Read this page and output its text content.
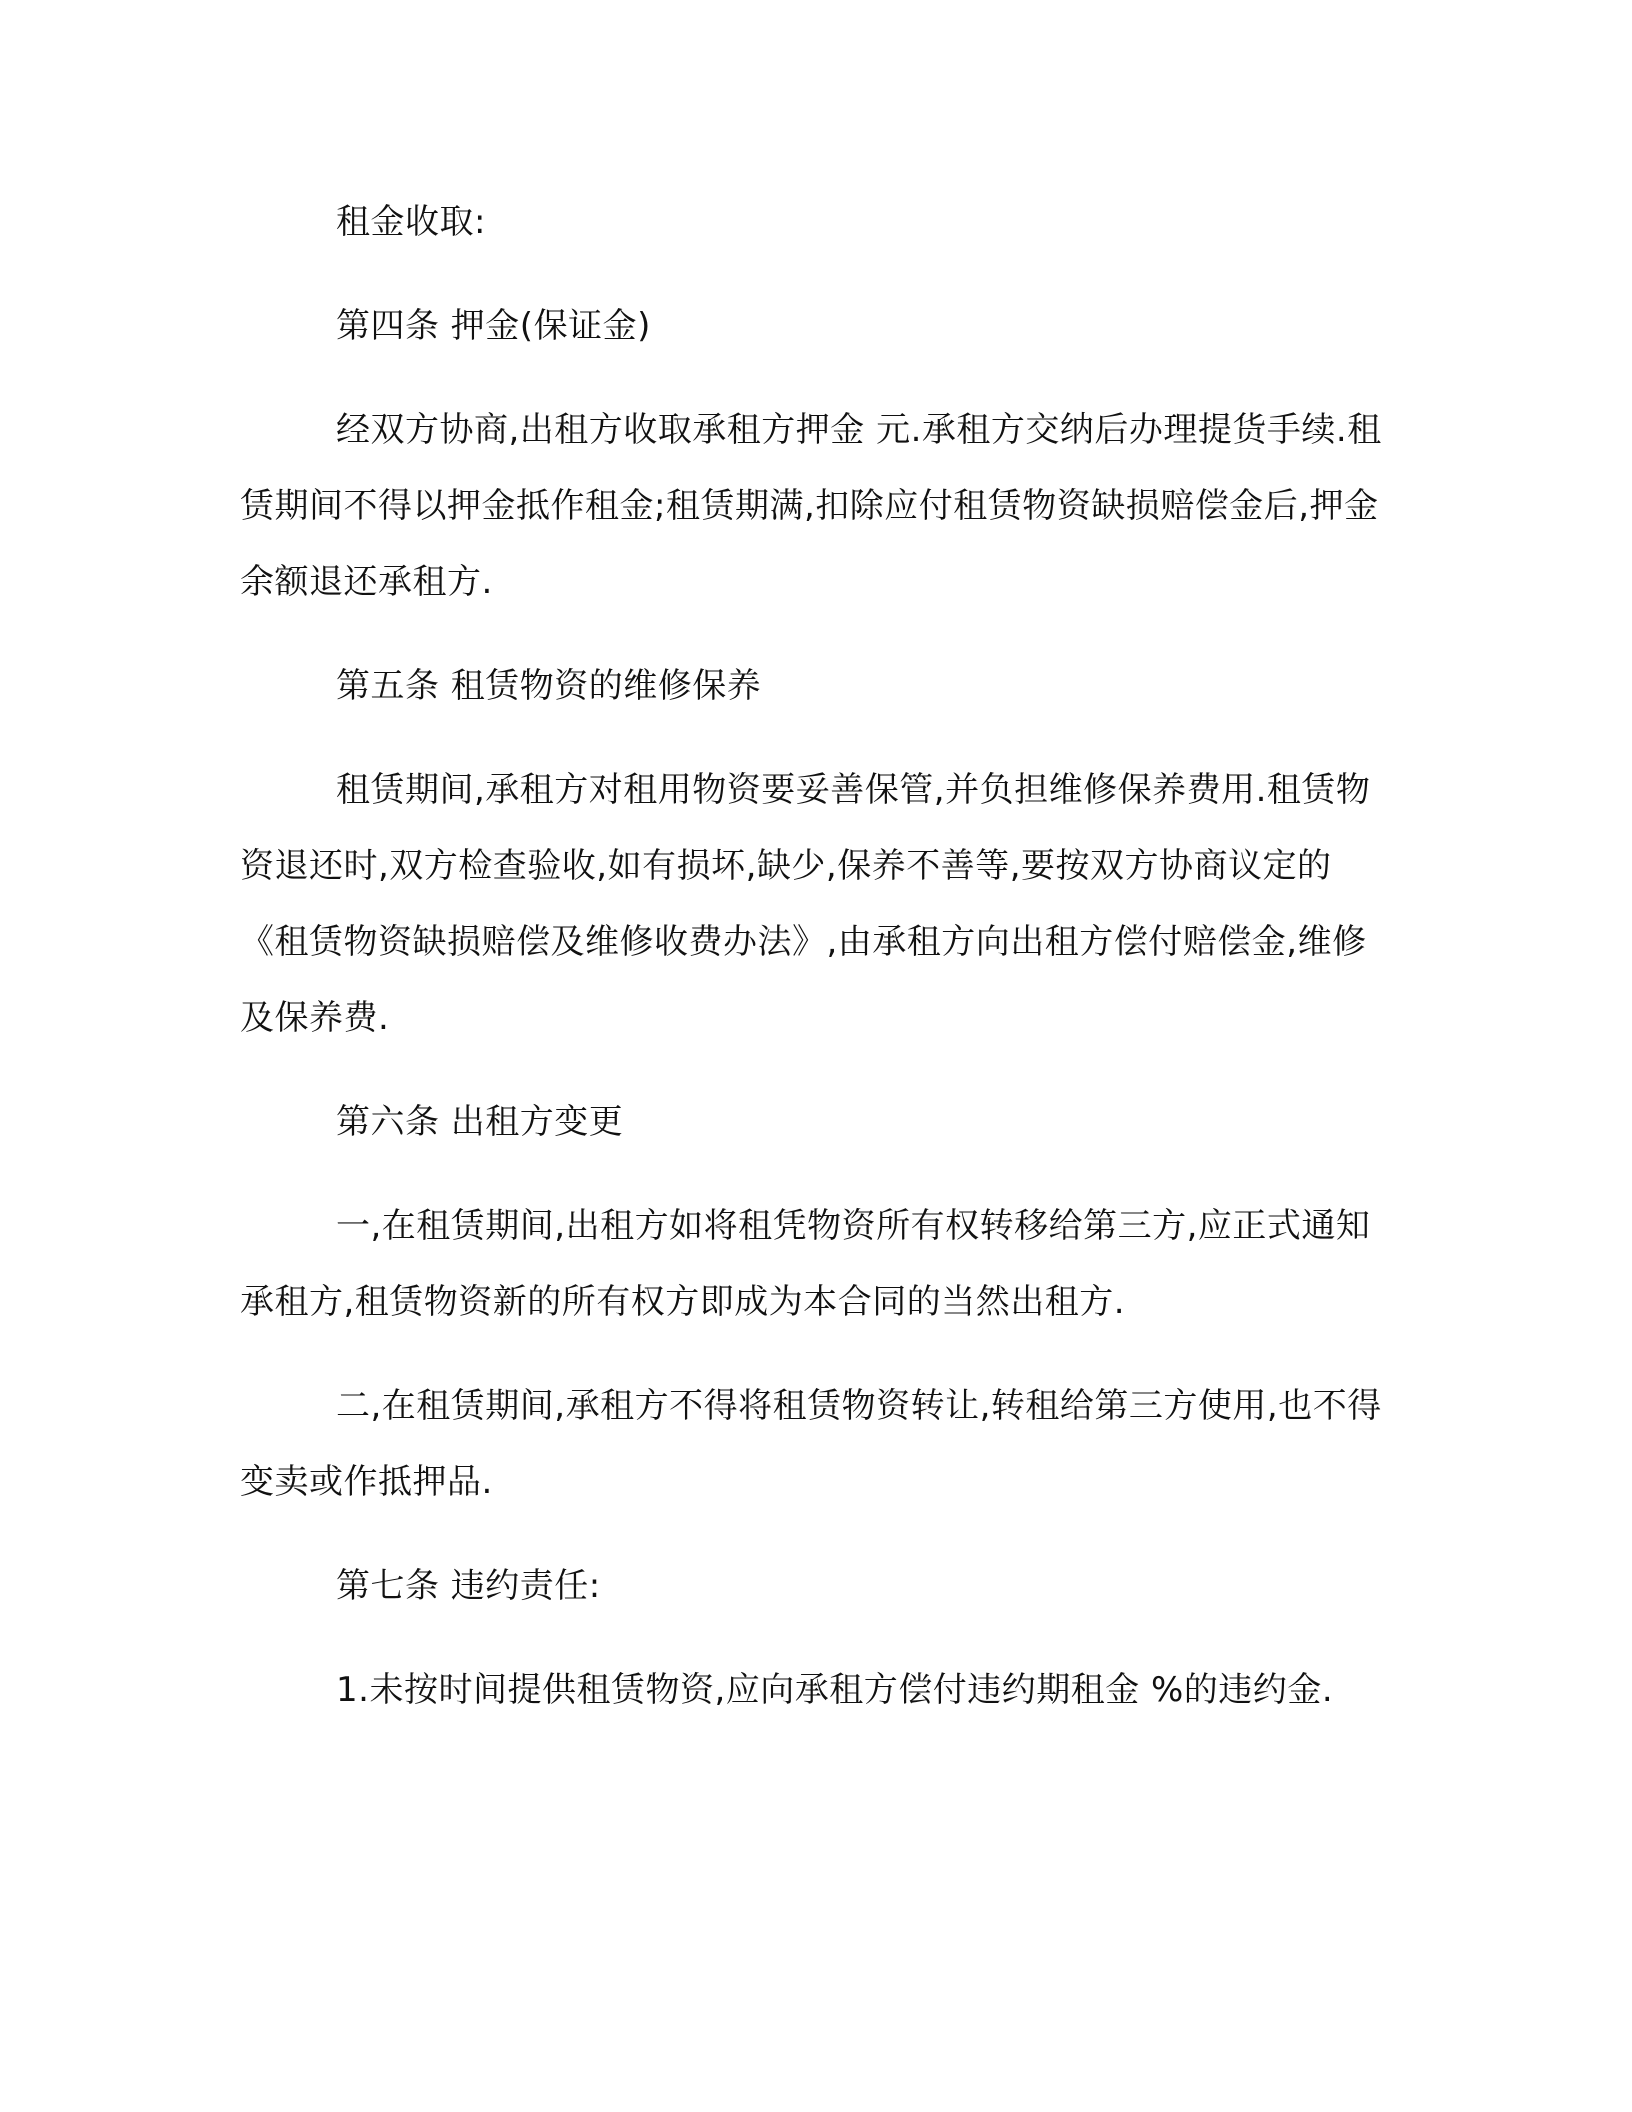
租金收取:

第四条 押金(保证金)

经双方协商,出租方收取承租方押金 元.承租方交纳后办理提货手续.租赁期间不得以押金抵作租金;租赁期满,扣除应付租赁物资缺损赔偿金后,押金余额退还承租方.

第五条 租赁物资的维修保养

租赁期间,承租方对租用物资要妥善保管,并负担维修保养费用.租赁物资退还时,双方检查验收,如有损坏,缺少,保养不善等,要按双方协商议定的《租赁物资缺损赔偿及维修收费办法》,由承租方向出租方偿付赔偿金,维修及保养费.

第六条 出租方变更

一,在租赁期间,出租方如将租凭物资所有权转移给第三方,应正式通知承租方,租赁物资新的所有权方即成为本合同的当然出租方.

二,在租赁期间,承租方不得将租赁物资转让,转租给第三方使用,也不得变卖或作抵押品.

第七条 违约责任:

1.未按时间提供租赁物资,应向承租方偿付违约期租金 %的违约金.
